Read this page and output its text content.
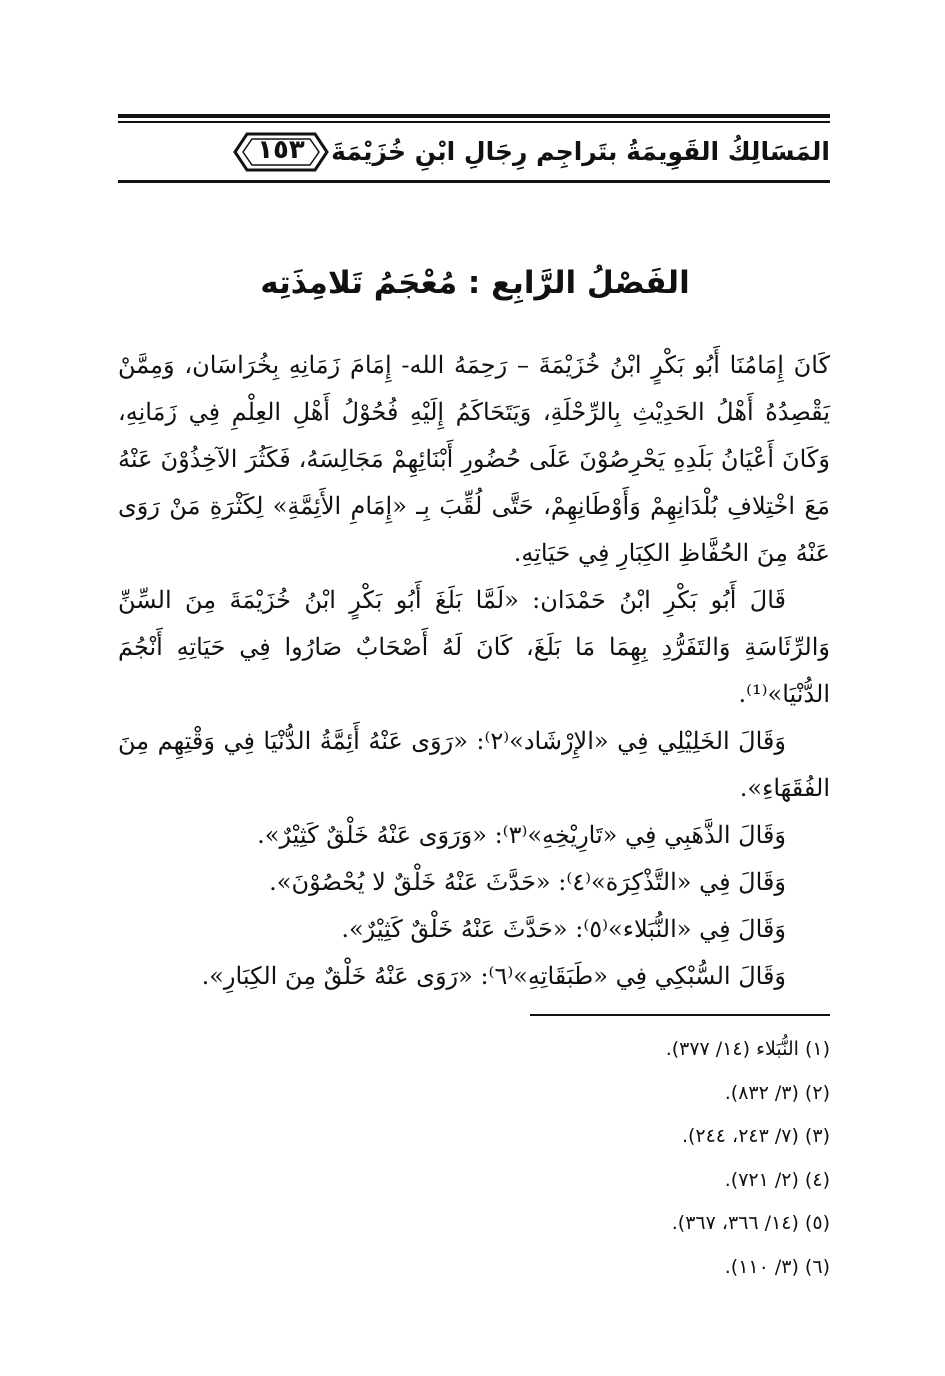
المَسَالِكُ القَوِيمَةُ بتَراجِم رِجَالِ ابْنِ خُزَيْمَةَ
١٥٣
الفَصْلُ الرَّابِع : مُعْجَمُ تَلامِذَتِه

كَانَ إِمَامُنَا أَبُو بَكْرٍ ابْنُ خُزَيْمَةَ – رَحِمَهُ الله- إِمَامَ زَمَانِهِ بِخُرَاسَان، وَمِمَّنْ يَقْصِدُهُ أَهْلُ الحَدِيْثِ بِالرِّحْلَةِ، وَيَتَحَاكَمُ إِلَيْهِ فُحُوْلُ أَهْلِ العِلْمِ فِي زَمَانِهِ، وَكَانَ أَعْيَانُ بَلَدِهِ يَحْرِصُوْنَ عَلَى حُضُورِ أَبْنَائِهِمْ مَجَالِسَهُ، فَكَثُرَ الآخِذُوْنَ عَنْهُ مَعَ اخْتِلافِ بُلْدَانِهِمْ وَأَوْطَانِهِمْ، حَتَّى لُقِّبَ بِـ «إِمَامِ الأَئِمَّةِ» لِكَثْرَةِ مَنْ رَوَى عَنْهُ مِنَ الحُفَّاظِ الكِبَارِ فِي حَيَاتِهِ.

قَالَ أَبُو بَكْرِ ابْنُ حَمْدَان: «لَمَّا بَلَغَ أَبُو بَكْرٍ ابْنُ خُزَيْمَةَ مِنَ السِّنِّ وَالرِّئَاسَةِ وَالتَفَرُّدِ بِهِمَا مَا بَلَغَ، كَانَ لَهُ أَصْحَابٌ صَارُوا فِي حَيَاتِهِ أَنْجُمَ الدُّنْيَا»⁽¹⁾.

وَقَالَ الخَلِيْلِي فِي «الإِرْشَاد»⁽٢⁾: «رَوَى عَنْهُ أَئِمَّةُ الدُّنْيَا فِي وَقْتِهِم مِنَ الفُقَهَاءِ».

وَقَالَ الذَّهَبِي فِي «تَارِيْخِهِ»⁽٣⁾: «وَرَوَى عَنْهُ خَلْقٌ كَثِيْرٌ».

وَقَالَ فِي «التَّذْكِرَة»⁽٤⁾: «حَدَّثَ عَنْهُ خَلْقٌ لا يُحْصُوْنَ».

وَقَالَ فِي «النُّبَلاء»⁽٥⁾: «حَدَّثَ عَنْهُ خَلْقٌ كَثِيْرٌ».

وَقَالَ السُّبْكِي فِي «طَبَقَاتِهِ»⁽٦⁾: «رَوَى عَنْهُ خَلْقٌ مِنَ الكِبَارِ».

(١) النُّبَلاء (١٤/ ٣٧٧).
(٢) (٣/ ٨٣٢).
(٣) (٧/ ٢٤٣، ٢٤٤).
(٤) (٢/ ٧٢١).
(٥) (١٤/ ٣٦٦، ٣٦٧).
(٦) (٣/ ١١٠).
